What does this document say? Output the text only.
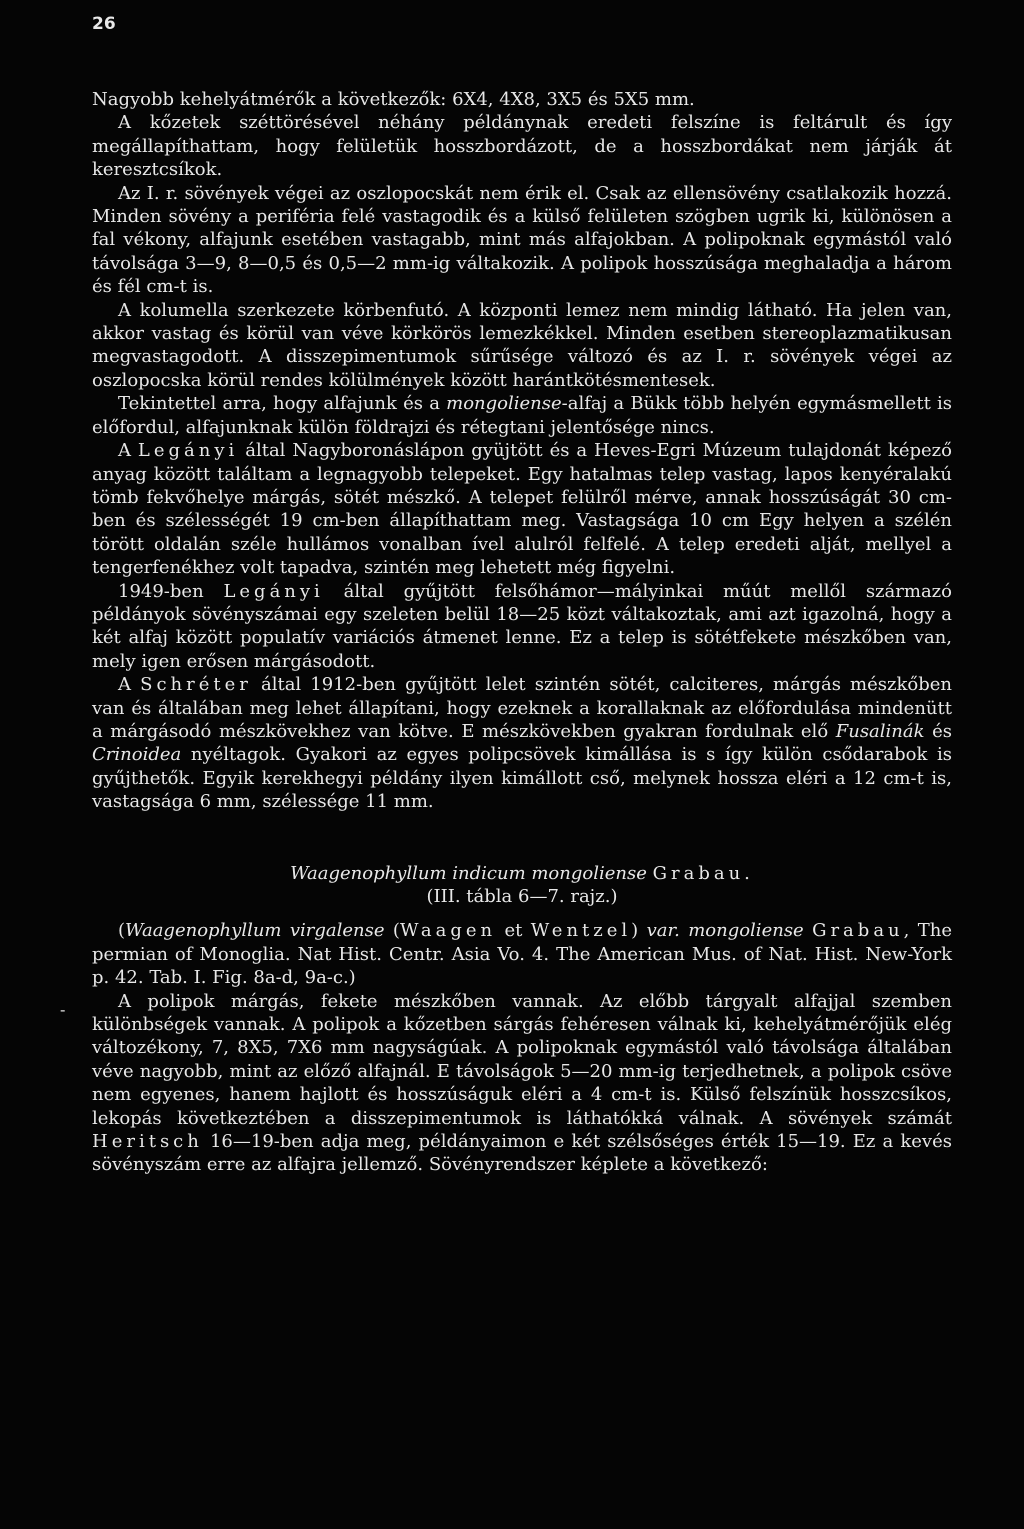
26

Nagyobb kehelyátmérők a következők: 6X4, 4X8, 3X5 és 5X5 mm.

A kőzetek széttörésével néhány példánynak eredeti felszíne is feltárult és így megállapíthattam, hogy felületük hosszbordázott, de a hosszbordákat nem járják át keresztcsíkok.

Az I. r. sövények végei az oszlopocskát nem érik el. Csak az ellensövény csatlakozik hozzá. Minden sövény a periféria felé vastagodik és a külső felületen szögben ugrik ki, különösen a fal vékony, alfajunk esetében vastagabb, mint más alfajokban. A polipoknak egymástól való távolsága 3—9, 8—0,5 és 0,5—2 mm-ig váltakozik. A polipok hosszúsága meghaladja a három és fél cm-t is.

A kolumella szerkezete körbenfutó. A központi lemez nem mindig látható. Ha jelen van, akkor vastag és körül van véve körkörös lemezkékkel. Minden esetben stereoplazmatikusan megvastagodott. A disszepimentumok sűrűsége változó és az I. r. sövények végei az oszlopocska körül rendes kölülmények között harántkötésmentesek.

Tekintettel arra, hogy alfajunk és a mongoliense-alfaj a Bükk több helyén egymásmellett is előfordul, alfajunknak külön földrajzi és rétegtani jelentősége nincs.

A Legányi által Nagyboronáslápon gyüjtött és a Heves-Egri Múzeum tulajdonát képező anyag között találtam a legnagyobb telepeket. Egy hatalmas telep vastag, lapos kenyéralakú tömb fekvőhelye márgás, sötét mészkő. A telepet felülről mérve, annak hosszúságát 30 cm-ben és szélességét 19 cm-ben állapíthattam meg. Vastagsága 10 cm Egy helyen a szélén törött oldalán széle hullámos vonalban ível alulról felfelé. A telep eredeti alját, mellyel a tengerfenékhez volt tapadva, szintén meg lehetett még figyelni.

1949-ben Legányi által gyűjtött felsőhámor—mályinkai műút mellől származó példányok sövényszámai egy szeleten belül 18—25 közt váltakoztak, ami azt igazolná, hogy a két alfaj között populatív variációs átmenet lenne. Ez a telep is sötétfekete mészkőben van, mely igen erősen márgásodott.

A Schréter által 1912-ben gyűjtött lelet szintén sötét, calciteres, márgás mészkőben van és általában meg lehet állapítani, hogy ezeknek a korallaknak az előfordulása mindenütt a márgásodó mészkövekhez van kötve. E mészkövekben gyakran fordulnak elő Fusalinák és Crinoidea nyéltagok. Gyakori az egyes polipcsövek kimállása is s így külön csődarabok is gyűjthetők. Egyik kerekhegyi példány ilyen kimállott cső, melynek hossza eléri a 12 cm-t is, vastagsága 6 mm, szélessége 11 mm.

Waagenophyllum indicum mongoliense Grabau.

(III. tábla 6—7. rajz.)

(Waagenophyllum virgalense (Waagen et Wentzel) var. mongoliense Grabau, The permian of Monoglia. Nat Hist. Centr. Asia Vo. 4. The American Mus. of Nat. Hist. New-York p. 42. Tab. I. Fig. 8a-d, 9a-c.)

A polipok márgás, fekete mészkőben vannak. Az előbb tárgyalt alfajjal szemben különbségek vannak. A polipok a kőzetben sárgás fehéresen válnak ki, kehelyátmérőjük elég változékony, 7, 8X5, 7X6 mm nagyságúak. A polipoknak egymástól való távolsága általában véve nagyobb, mint az előző alfajnál. E távolságok 5—20 mm-ig terjedhetnek, a polipok csöve nem egyenes, hanem hajlott és hosszúságuk eléri a 4 cm-t is. Külső felszínük hosszcsíkos, lekopás következtében a disszepimentumok is láthatókká válnak. A sövények számát Heritsch 16—19-ben adja meg, példányaimon e két szélsőséges érték 15—19. Ez a kevés sövényszám erre az alfajra jellemző. Sövényrendszer képlete a következő:

-
